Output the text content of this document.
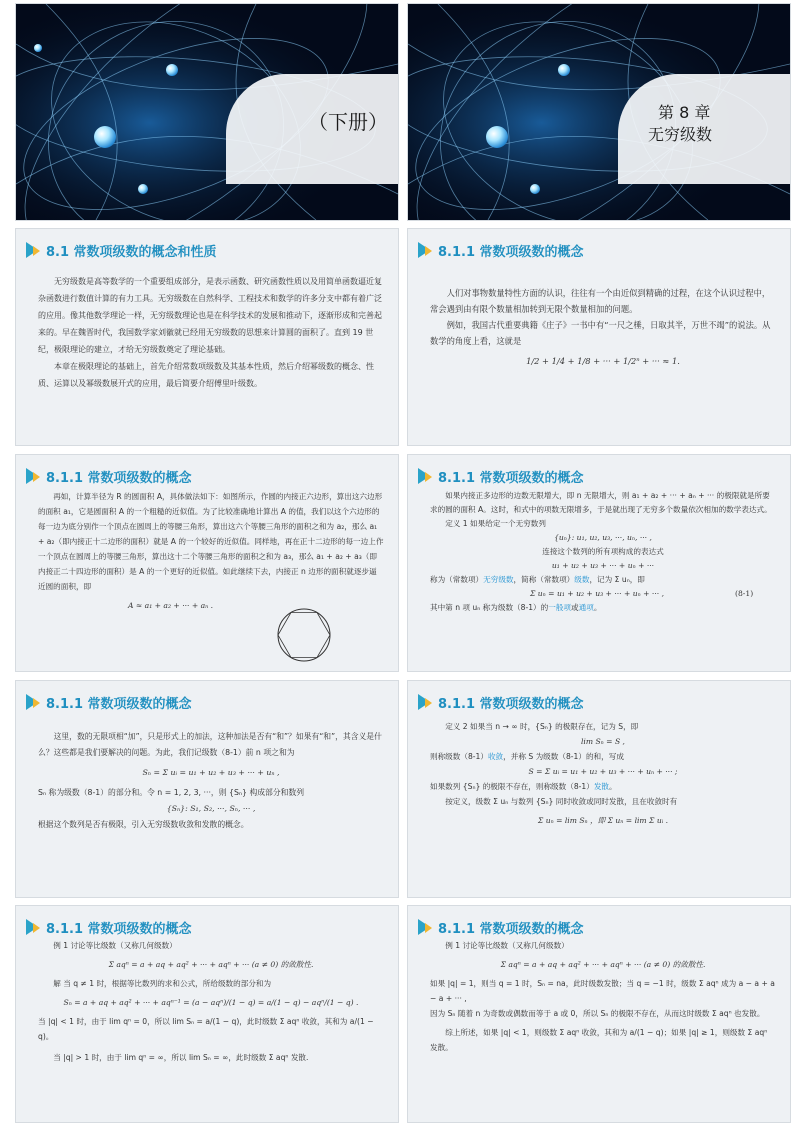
（下册）	第 8 章
无穷级数
8.1 常数项级数的概念和性质

无穷级数是高等数学的一个重要组成部分，是表示函数、研究函数性质以及用简单函数逼近复杂函数进行数值计算的有力工具。无穷级数在自然科学、工程技术和数学的许多分支中都有着广泛的应用。像其他数学理论一样，无穷级数理论也是在科学技术的发展和推动下，逐渐形成和完善起来的。早在魏晋时代，我国数学家刘徽就已经用无穷级数的思想来计算圆的面积了。直到 19 世纪，极限理论的建立，才给无穷级数奠定了理论基础。

本章在极限理论的基础上，首先介绍常数项级数及其基本性质，然后介绍幂级数的概念、性质、运算以及幂级数展开式的应用，最后简要介绍傅里叶级数。

8.1.1 常数项级数的概念

人们对事物数量特性方面的认识，往往有一个由近似到精确的过程，在这个认识过程中，常会遇到由有限个数量相加转到无限个数量相加的问题。

例如，我国古代重要典籍《庄子》一书中有“一尺之棰，日取其半，万世不竭”的说法。从数学的角度上看，这就是

1/2 + 1/4 + 1/8 + ··· + 1/2ⁿ + ··· ≈ 1.

8.1.1 常数项级数的概念

再如，计算半径为 R 的圆面积 A，具体做法如下：如图所示，作圆的内接正六边形，算出这六边形的面积 a₁，它是圆面积 A 的一个粗糙的近似值。为了比较准确地计算出 A 的值，我们以这个六边形的每一边为底分别作一个顶点在圆周上的等腰三角形，算出这六个等腰三角形的面积之和为 a₂，那么 a₁ + a₂（即内接正十二边形的面积）就是 A 的一个较好的近似值。同样地，再在正十二边形的每一边上作一个顶点在圆周上的等腰三角形，算出这十二个等腰三角形的面积之和为 a₃，那么 a₁ + a₂ + a₃（即内接正二十四边形的面积）是 A 的一个更好的近似值。如此继续下去，内接正 n 边形的面积就逐步逼近圆的面积，即

A ≈ a₁ + a₂ + ··· + aₙ .

8.1.1 常数项级数的概念

如果内接正多边形的边数无限增大，即 n 无限增大，则 a₁ + a₂ + ··· + aₙ + ··· 的极限就是所要求的圆的面积 A。这时，和式中的项数无限增多，于是就出现了无穷多个数量依次相加的数学表达式。

定义 1 如果给定一个无穷数列

{uₙ}: u₁, u₂, u₃, ···, uₙ, ··· ,

连接这个数列的所有项构成的表达式

u₁ + u₂ + u₃ + ··· + uₙ + ···

称为（常数项）无穷级数，简称（常数项）级数，记为 Σ uₙ，即

Σ uₙ = u₁ + u₂ + u₃ + ··· + uₙ + ··· ,	(8-1)

其中第 n 项 uₙ 称为级数（8-1）的一般项或通项。

8.1.1 常数项级数的概念

这里，数的无限项相“加”，只是形式上的加法，这种加法是否有“和”？如果有“和”，其含义是什么？这些都是我们要解决的问题。为此，我们记级数（8-1）前 n 项之和为

Sₙ = Σ uᵢ = u₁ + u₂ + u₃ + ··· + uₙ ,

Sₙ 称为级数（8-1）的部分和。令 n = 1, 2, 3, ···，则 {Sₙ} 构成部分和数列

{Sₙ}: S₁, S₂, ···, Sₙ, ··· ,

根据这个数列是否有极限，引入无穷级数收敛和发散的概念。

8.1.1 常数项级数的概念

定义 2 如果当 n → ∞ 时，{Sₙ} 的极限存在，记为 S，即

lim Sₙ = S ,

则称级数（8-1）收敛，并称 S 为级数（8-1）的和，写成

S = Σ uᵢ = u₁ + u₂ + u₃ + ··· + uₙ + ··· ;

如果数列 {Sₙ} 的极限不存在，则称级数（8-1）发散。

按定义，级数 Σ uₙ 与数列 {Sₙ} 同时收敛或同时发散，且在收敛时有

Σ uₙ = lim Sₙ ，即 Σ uₙ = lim Σ uᵢ .

8.1.1 常数项级数的概念

例 1 讨论等比级数（又称几何级数）

Σ aqⁿ = a + aq + aq² + ··· + aqⁿ + ··· (a ≠ 0) 的敛散性.

解 当 q ≠ 1 时，根据等比数列的求和公式，所给级数的部分和为

Sₙ = a + aq + aq² + ··· + aqⁿ⁻¹ = (a − aqⁿ)/(1 − q) = a/(1 − q) − aqⁿ/(1 − q) .

当 |q| < 1 时，由于 lim qⁿ = 0，所以 lim Sₙ = a/(1 − q)，此时级数 Σ aqⁿ 收敛，其和为 a/(1 − q)。

当 |q| > 1 时，由于 lim qⁿ = ∞，所以 lim Sₙ = ∞，此时级数 Σ aqⁿ 发散.

8.1.1 常数项级数的概念

例 1 讨论等比级数（又称几何级数）

Σ aqⁿ = a + aq + aq² + ··· + aqⁿ + ··· (a ≠ 0) 的敛散性.

如果 |q| = 1，则当 q = 1 时，Sₙ = na，此时级数发散；当 q = −1 时，级数 Σ aqⁿ 成为 a − a + a − a + ··· ,

因为 Sₙ 随着 n 为奇数或偶数而等于 a 或 0，所以 Sₙ 的极限不存在，从而这时级数 Σ aqⁿ 也发散。

综上所述，如果 |q| < 1，则级数 Σ aqⁿ 收敛，其和为 a/(1 − q)；如果 |q| ≥ 1，则级数 Σ aqⁿ 发散。
